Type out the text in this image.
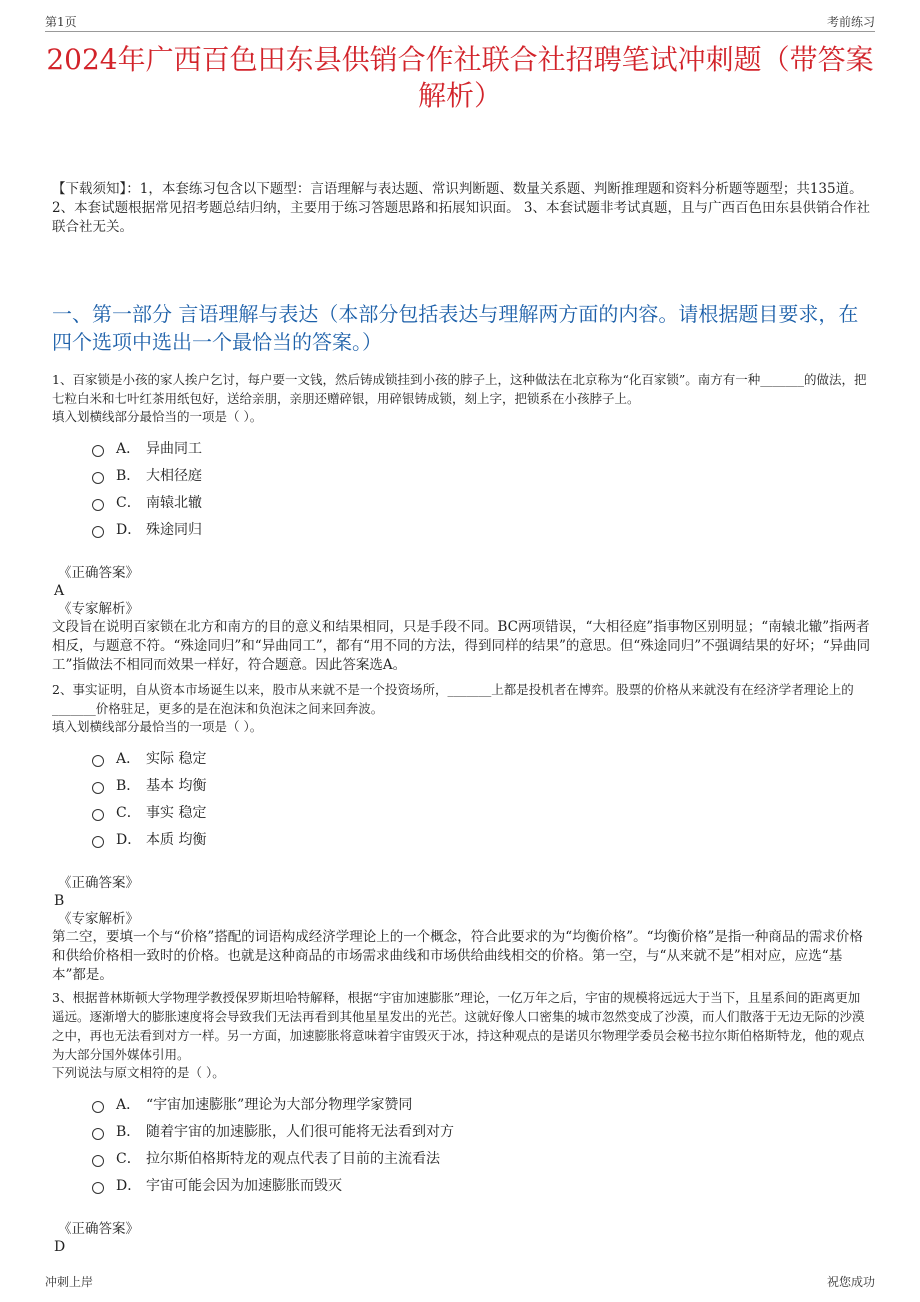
第1页	考前练习
2024年广西百色田东县供销合作社联合社招聘笔试冲刺题（带答案解析）

【下载须知】：1，本套练习包含以下题型：言语理解与表达题、常识判断题、数量关系题、判断推理题和资料分析题等题型；共135道。 2、本套试题根据常见招考题总结归纳，主要用于练习答题思路和拓展知识面。 3、本套试题非考试真题，且与广西百色田东县供销合作社联合社无关。

一、第一部分 言语理解与表达（本部分包括表达与理解两方面的内容。请根据题目要求，在四个选项中选出一个最恰当的答案。）

1、百家锁是小孩的家人挨户乞讨，每户要一文钱，然后铸成锁挂到小孩的脖子上，这种做法在北京称为“化百家锁”。南方有一种_______的做法，把七粒白米和七叶红茶用纸包好，送给亲朋，亲朋还赠碎银，用碎银铸成锁，刻上字，把锁系在小孩脖子上。

填入划横线部分最恰当的一项是（ ）。

A． 异曲同工
B． 大相径庭
C． 南辕北辙
D． 殊途同归
《正确答案》
A
《专家解析》

文段旨在说明百家锁在北方和南方的目的意义和结果相同，只是手段不同。BC两项错误，“大相径庭”指事物区别明显；“南辕北辙”指两者相反，与题意不符。“殊途同归”和“异曲同工”，都有“用不同的方法，得到同样的结果”的意思。但“殊途同归”不强调结果的好坏；“异曲同工”指做法不相同而效果一样好，符合题意。因此答案选A。

2、事实证明，自从资本市场诞生以来，股市从来就不是一个投资场所，_______上都是投机者在博弈。股票的价格从来就没有在经济学者理论上的_______价格驻足，更多的是在泡沫和负泡沫之间来回奔波。

填入划横线部分最恰当的一项是（ ）。

A． 实际 稳定
B． 基本 均衡
C． 事实 稳定
D． 本质 均衡
《正确答案》
B
《专家解析》

第二空，要填一个与“价格”搭配的词语构成经济学理论上的一个概念，符合此要求的为“均衡价格”。“均衡价格”是指一种商品的需求价格和供给价格相一致时的价格。也就是这种商品的市场需求曲线和市场供给曲线相交的价格。第一空，与“从来就不是”相对应，应选“基本”都是。

3、根据普林斯顿大学物理学教授保罗斯坦哈特解释，根据“宇宙加速膨胀”理论，一亿万年之后，宇宙的规模将远远大于当下，且星系间的距离更加遥远。逐渐增大的膨胀速度将会导致我们无法再看到其他星星发出的光芒。这就好像人口密集的城市忽然变成了沙漠，而人们散落于无边无际的沙漠之中，再也无法看到对方一样。另一方面，加速膨胀将意味着宇宙毁灭于冰，持这种观点的是诺贝尔物理学委员会秘书拉尔斯伯格斯特龙，他的观点为大部分国外媒体引用。

下列说法与原文相符的是（ ）。

A． “宇宙加速膨胀”理论为大部分物理学家赞同
B． 随着宇宙的加速膨胀，人们很可能将无法看到对方
C． 拉尔斯伯格斯特龙的观点代表了目前的主流看法
D． 宇宙可能会因为加速膨胀而毁灭
《正确答案》
D
冲刺上岸	祝您成功
